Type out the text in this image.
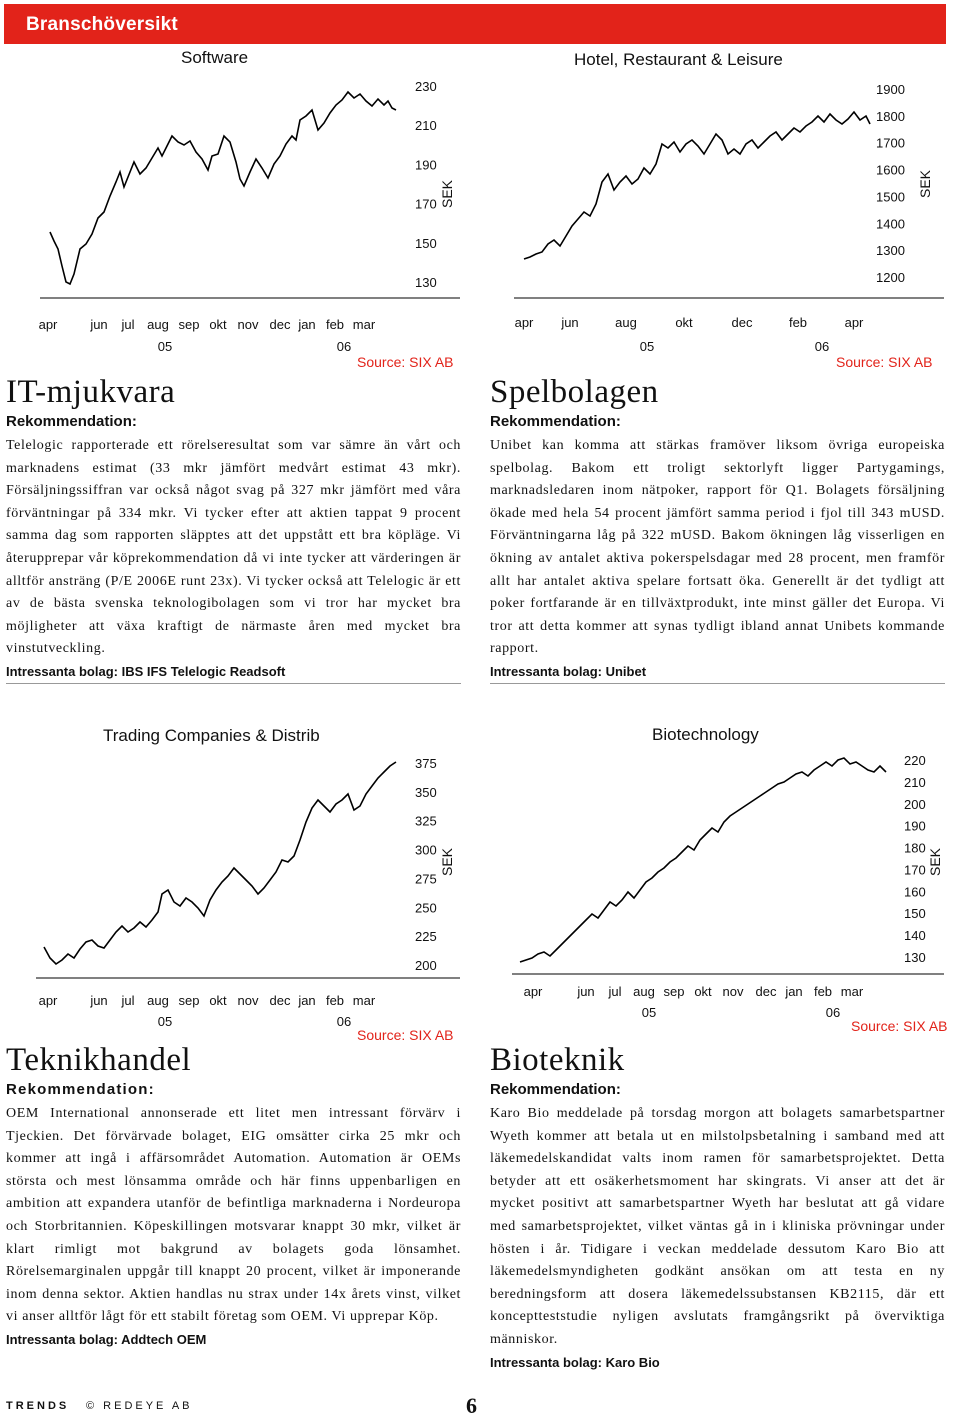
Branschöversikt
Software
230
210
190
170
150
130
SEK
apr	jun jul aug sep okt nov dec jan feb mar
05	06
Source: SIX AB
Hotel, Restaurant & Leisure
1900
1800
1700
1600
1500
1400
1300
1200
SEK
apr jun	aug	okt	dec	feb	apr
05	06
Source: SIX AB
Trading Companies & Distrib
375
350
325
300
275
250
225
200
SEK
apr	jun jul aug sep okt nov dec jan feb mar
05	06
Source: SIX AB
Biotechnology
220
210
200
190
180
170
160
150
140
130
SEK
apr	jun jul aug sep okt nov dec jan feb mar
05	06
Source: SIX AB
IT-mjukvara
Rekommendation:
Telelogic rapporterade ett rörelseresultat som var sämre än vårt och marknadens estimat (33 mkr jämfört medvårt estimat 43 mkr). Försäljningssiffran var också något svag på 327 mkr jämfört med våra förväntningar på 334 mkr. Vi tycker efter att aktien tappat 9 procent samma dag som rapporten släpptes att det uppstått ett bra köpläge. Vi återupprepar vår köprekommendation då vi inte tycker att värderingen är alltför ansträng (P/E 2006E runt 23x). Vi tycker också att Telelogic är ett av de bästa svenska teknologibolagen som vi tror har mycket bra möjligheter att växa kraftigt de närmaste åren med mycket bra vinstutveckling.
Intressanta bolag: IBS IFS Telelogic Readsoft
Spelbolagen
Rekommendation:
Unibet kan komma att stärkas framöver liksom övriga europeiska spelbolag. Bakom ett troligt sektorlyft ligger Partygamings, marknadsledaren inom nätpoker, rapport för Q1. Bolagets försäljning ökade med hela 54 procent jämfört samma period i fjol till 343 mUSD. Förväntningarna låg på 322 mUSD. Bakom ökningen låg visserligen en ökning av antalet aktiva pokerspelsdagar med 28 procent, men framför allt har antalet aktiva spelare fortsatt öka. Generellt är det tydligt att poker fortfarande är en tillväxtprodukt, inte minst gäller det Europa. Vi tror att detta kommer att synas tydligt ibland annat Unibets kommande rapport.
Intressanta bolag: Unibet
Teknikhandel
Rekommendation:
OEM International annonserade ett litet men intressant förvärv i Tjeckien. Det förvärvade bolaget, EIG omsätter cirka 25 mkr och kommer att ingå i affärsområdet Automation. Automation är OEMs största och mest lönsamma område och här finns uppenbarligen en ambition att expandera utanför de befintliga marknaderna i Nordeuropa och Storbritannien. Köpeskillingen motsvarar knappt 30 mkr, vilket är klart rimligt mot bakgrund av bolagets goda lönsamhet. Rörelsemarginalen uppgår till knappt 20 procent, vilket är imponerande inom denna sektor. Aktien handlas nu strax under 14x årets vinst, vilket vi anser alltför lågt för ett stabilt företag som OEM. Vi upprepar Köp.
Intressanta bolag: Addtech OEM
Bioteknik
Rekommendation:
Karo Bio meddelade på torsdag morgon att bolagets samarbetspartner Wyeth kommer att betala ut en milstolpsbetalning i samband med att läkemedelskandidat valts inom ramen för samarbetsprojektet. Detta betyder att ett osäkerhetsmoment har skingrats. Vi anser att det är mycket positivt att samarbetspartner Wyeth har beslutat att gå vidare med samarbetsprojektet, vilket väntas gå in i kliniska prövningar under hösten i år. Tidigare i veckan meddelade dessutom Karo Bio att läkemedelsmyndigheten godkänt ansökan om att testa en ny beredningsform att dosera läkemedelssubstansen KB2115, där ett konceptteststudie nyligen avslutats framgångsrikt på överviktiga människor.
Intressanta bolag: Karo Bio
TRENDS © REDEYE AB	6
